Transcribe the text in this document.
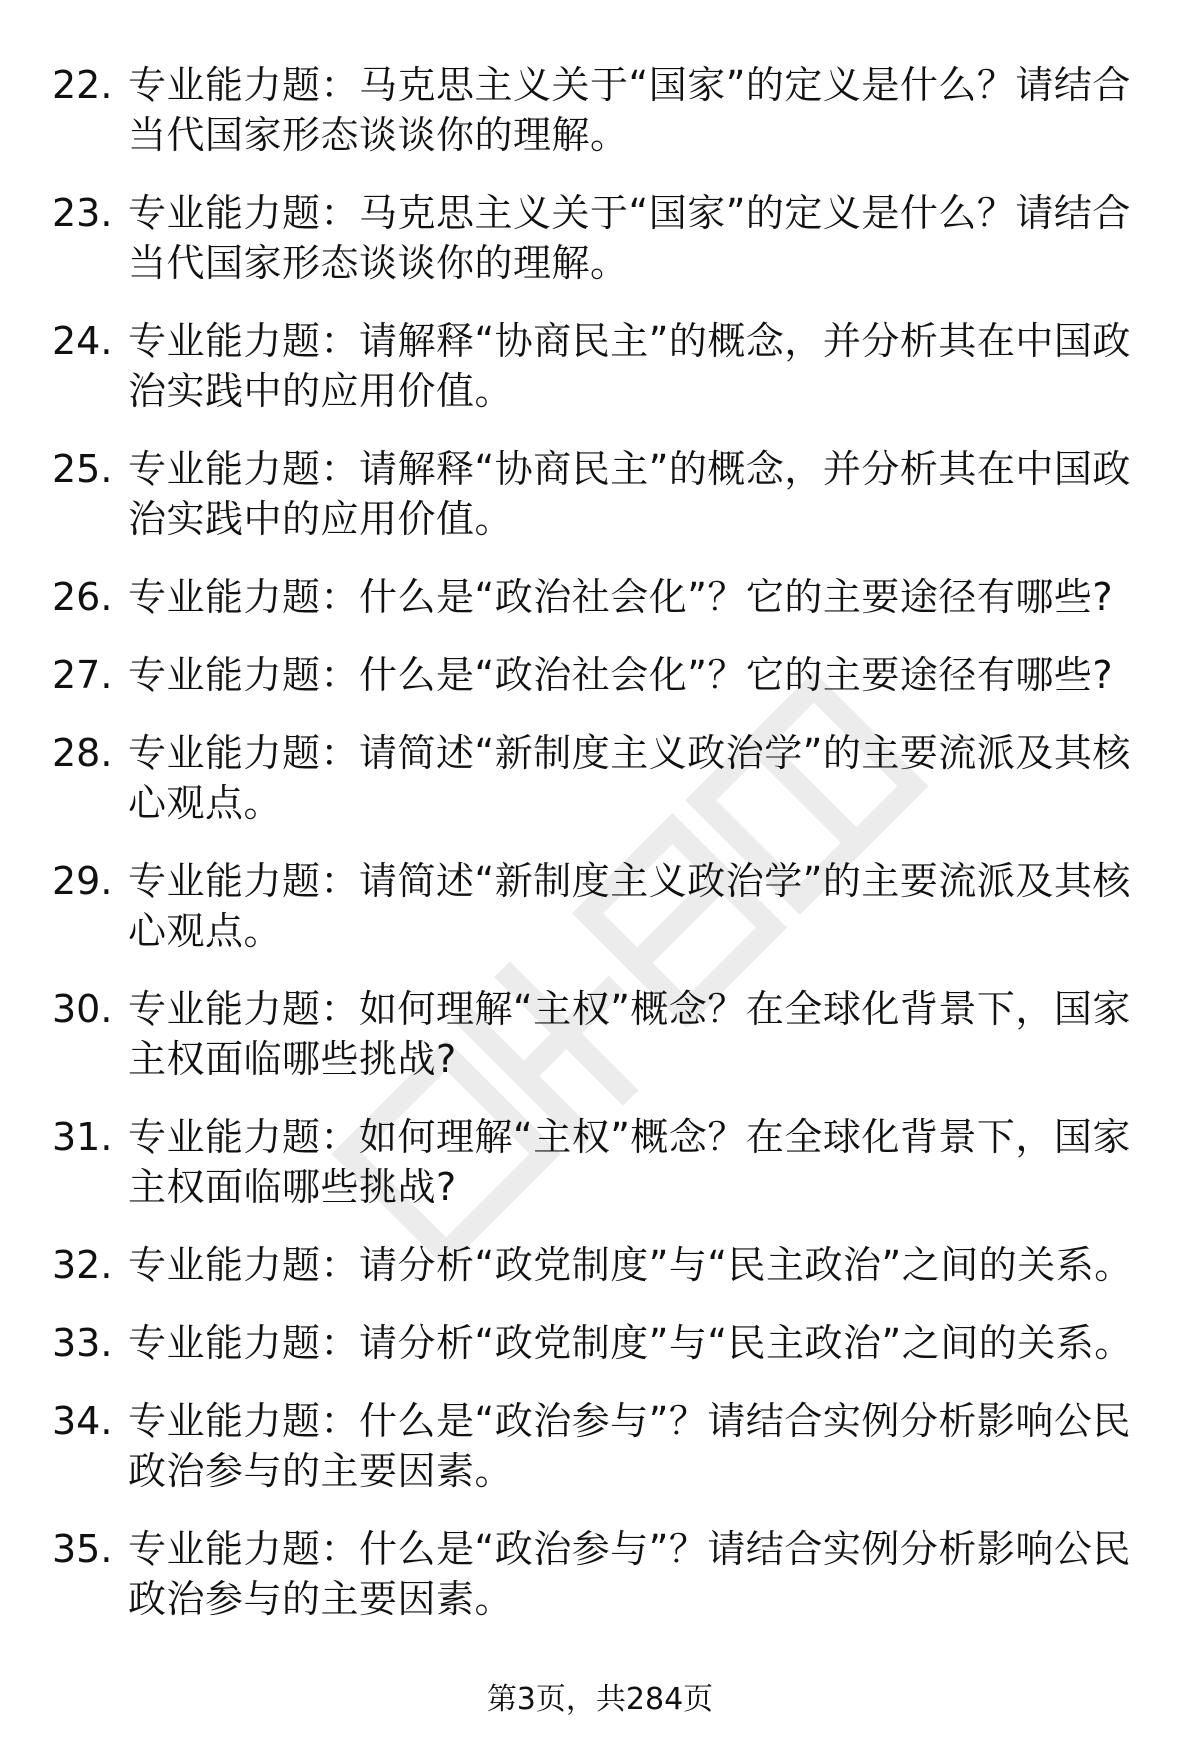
22. 专业能力题：马克思主义关于“国家”的定义是什么？请结合当代国家形态谈谈你的理解。
23. 专业能力题：马克思主义关于“国家”的定义是什么？请结合当代国家形态谈谈你的理解。
24. 专业能力题：请解释“协商民主”的概念，并分析其在中国政治实践中的应用价值。
25. 专业能力题：请解释“协商民主”的概念，并分析其在中国政治实践中的应用价值。
26. 专业能力题：什么是“政治社会化”？它的主要途径有哪些?
27. 专业能力题：什么是“政治社会化”？它的主要途径有哪些?
28. 专业能力题：请简述“新制度主义政治学”的主要流派及其核心观点。
29. 专业能力题：请简述“新制度主义政治学”的主要流派及其核心观点。
30. 专业能力题：如何理解“主权”概念？在全球化背景下，国家主权面临哪些挑战?
31. 专业能力题：如何理解“主权”概念？在全球化背景下，国家主权面临哪些挑战?
32. 专业能力题：请分析“政党制度”与“民主政治”之间的关系。
33. 专业能力题：请分析“政党制度”与“民主政治”之间的关系。
34. 专业能力题：什么是“政治参与”？请结合实例分析影响公民政治参与的主要因素。
35. 专业能力题：什么是“政治参与”？请结合实例分析影响公民政治参与的主要因素。
第3页，共284页
